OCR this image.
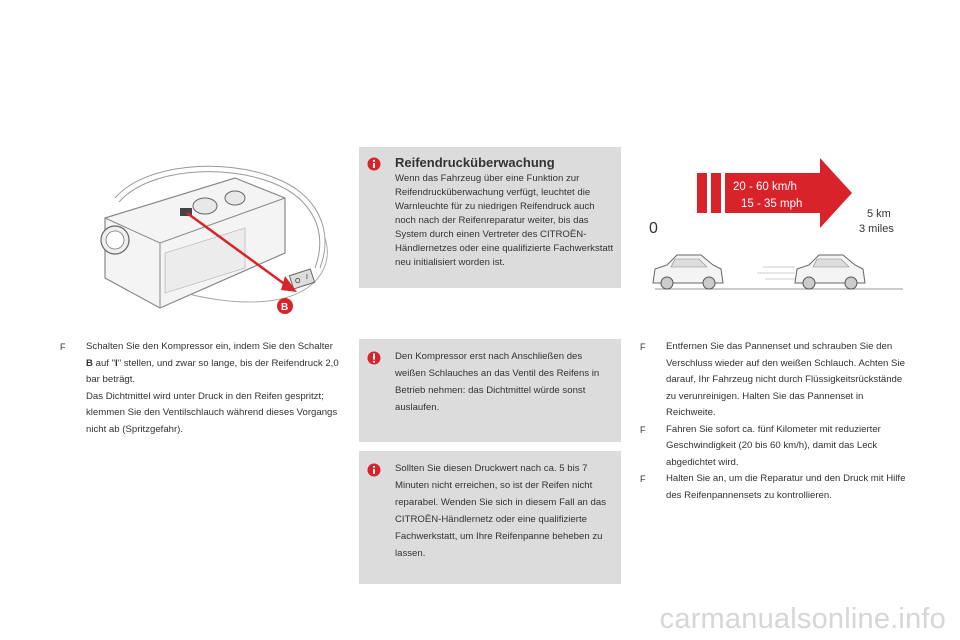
O
I
B
Reifendrucküberwachung
Wenn das Fahrzeug über eine Funktion zur Reifendrucküberwachung verfügt, leuchtet die Warnleuchte für zu niedrigen Reifendruck auch noch nach der Reifenreparatur weiter, bis das System durch einen Vertreter des CITROËN-Händlernetzes oder eine qualifizierte Fachwerkstatt neu initialisiert worden ist.
20 - 60 km/h
15 - 35 mph
0
5 km
3 miles
F Schalten Sie den Kompressor ein, indem Sie den Schalter B auf "I" stellen, und zwar so lange, bis der Reifendruck 2,0 bar beträgt.
Das Dichtmittel wird unter Druck in den Reifen gespritzt; klemmen Sie den Ventilschlauch während dieses Vorgangs nicht ab (Spritzgefahr).
Den Kompressor erst nach Anschließen des weißen Schlauches an das Ventil des Reifens in Betrieb nehmen: das Dichtmittel würde sonst auslaufen.
Sollten Sie diesen Druckwert nach ca. 5 bis 7 Minuten nicht erreichen, so ist der Reifen nicht reparabel. Wenden Sie sich in diesem Fall an das CITROËN-Händlernetz oder eine qualifizierte Fachwerkstatt, um Ihre Reifenpanne beheben zu lassen.
F Entfernen Sie das Pannenset und schrauben Sie den Verschluss wieder auf den weißen Schlauch. Achten Sie darauf, Ihr Fahrzeug nicht durch Flüssigkeitsrückstände zu verunreinigen. Halten Sie das Pannenset in Reichweite.
F Fahren Sie sofort ca. fünf Kilometer mit reduzierter Geschwindigkeit (20 bis 60 km/h), damit das Leck abgedichtet wird.
F Halten Sie an, um die Reparatur und den Druck mit Hilfe des Reifenpannensets zu kontrollieren.
carmanualsonline.info
